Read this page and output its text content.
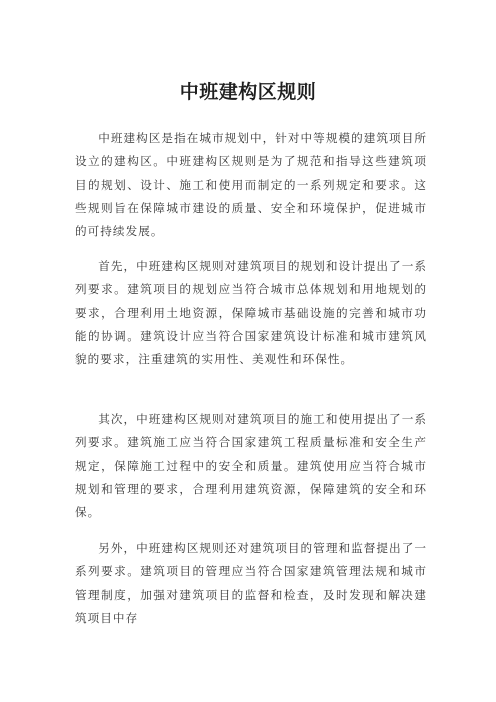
中班建构区规则

中班建构区是指在城市规划中，针对中等规模的建筑项目所设立的建构区。中班建构区规则是为了规范和指导这些建筑项目的规划、设计、施工和使用而制定的一系列规定和要求。这些规则旨在保障城市建设的质量、安全和环境保护，促进城市的可持续发展。

首先，中班建构区规则对建筑项目的规划和设计提出了一系列要求。建筑项目的规划应当符合城市总体规划和用地规划的要求，合理利用土地资源，保障城市基础设施的完善和城市功能的协调。建筑设计应当符合国家建筑设计标准和城市建筑风貌的要求，注重建筑的实用性、美观性和环保性。

其次，中班建构区规则对建筑项目的施工和使用提出了一系列要求。建筑施工应当符合国家建筑工程质量标准和安全生产规定，保障施工过程中的安全和质量。建筑使用应当符合城市规划和管理的要求，合理利用建筑资源，保障建筑的安全和环保。

另外，中班建构区规则还对建筑项目的管理和监督提出了一系列要求。建筑项目的管理应当符合国家建筑管理法规和城市管理制度，加强对建筑项目的监督和检查，及时发现和解决建筑项目中存
